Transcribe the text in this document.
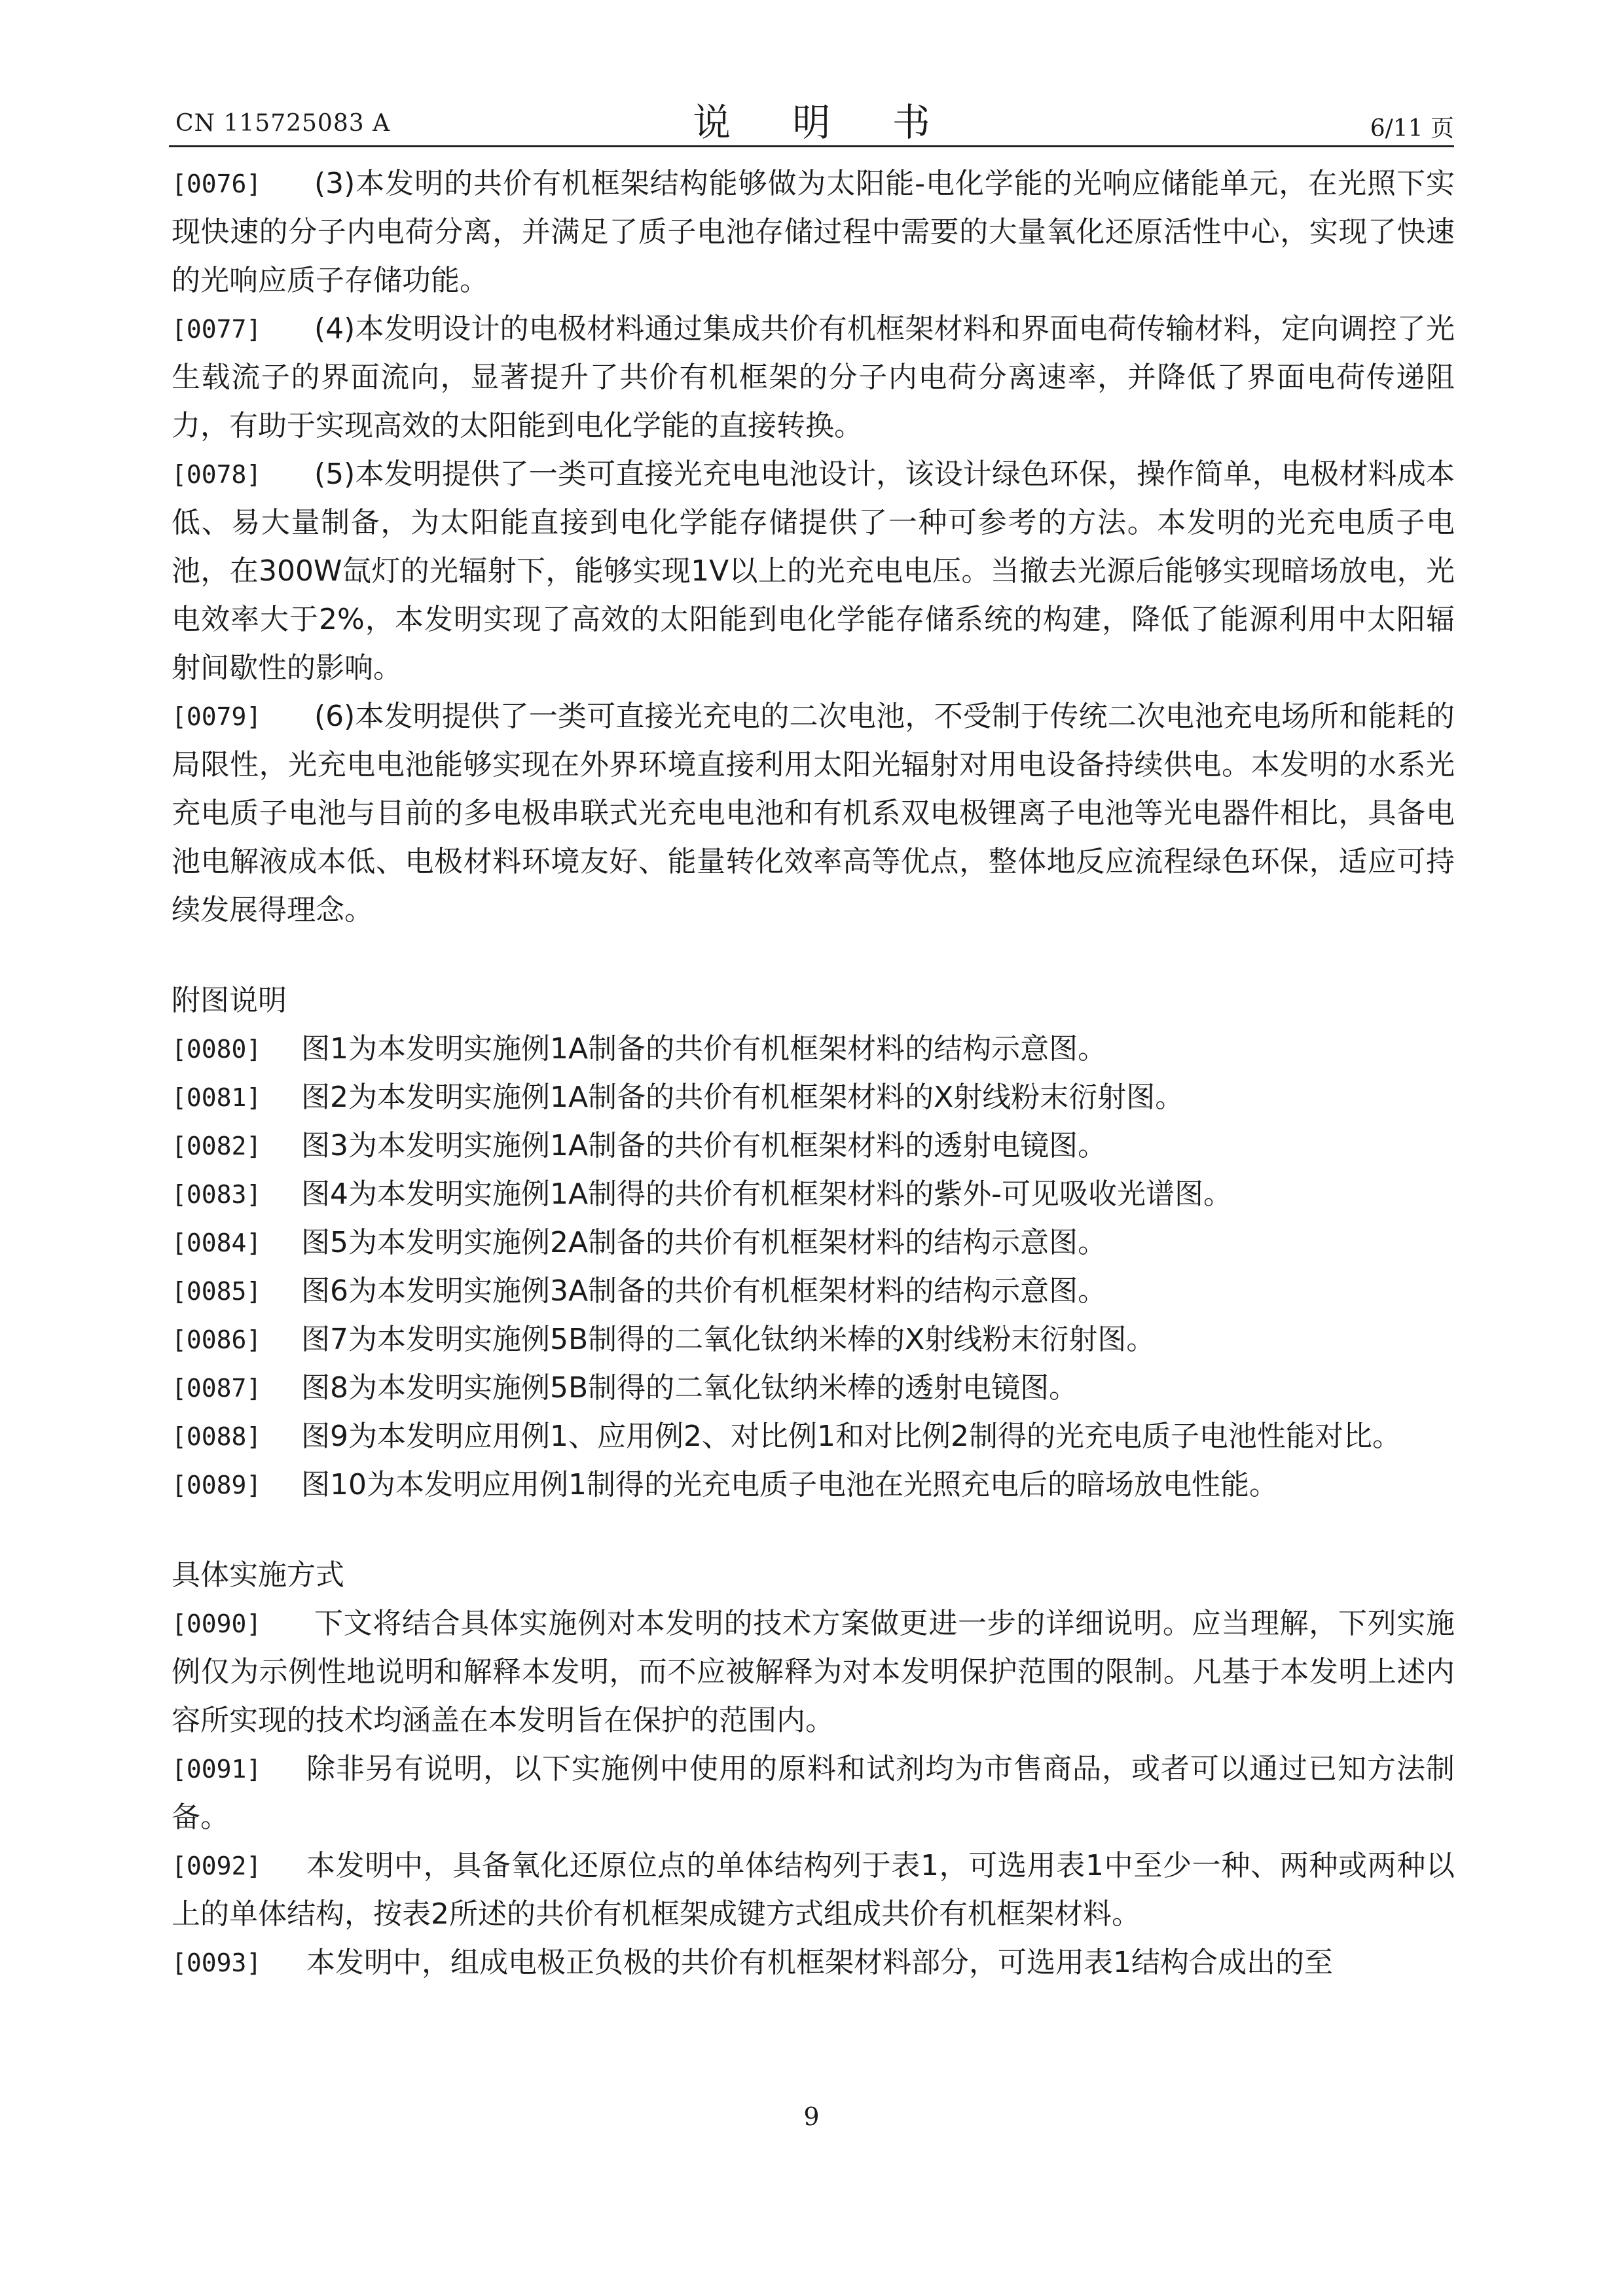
CN 115725083 A	说 明 书	6/11 页

[0076] (3)本发明的共价有机框架结构能够做为太阳能-电化学能的光响应储能单元，在光照下实现快速的分子内电荷分离，并满足了质子电池存储过程中需要的大量氧化还原活性中心，实现了快速的光响应质子存储功能。

[0077] (4)本发明设计的电极材料通过集成共价有机框架材料和界面电荷传输材料，定向调控了光生载流子的界面流向，显著提升了共价有机框架的分子内电荷分离速率，并降低了界面电荷传递阻力，有助于实现高效的太阳能到电化学能的直接转换。

[0078] (5)本发明提供了一类可直接光充电电池设计，该设计绿色环保，操作简单，电极材料成本低、易大量制备，为太阳能直接到电化学能存储提供了一种可参考的方法。本发明的光充电质子电池，在300W氙灯的光辐射下，能够实现1V以上的光充电电压。当撤去光源后能够实现暗场放电，光电效率大于2%，本发明实现了高效的太阳能到电化学能存储系统的构建，降低了能源利用中太阳辐射间歇性的影响。

[0079] (6)本发明提供了一类可直接光充电的二次电池，不受制于传统二次电池充电场所和能耗的局限性，光充电电池能够实现在外界环境直接利用太阳光辐射对用电设备持续供电。本发明的水系光充电质子电池与目前的多电极串联式光充电电池和有机系双电极锂离子电池等光电器件相比，具备电池电解液成本低、电极材料环境友好、能量转化效率高等优点，整体地反应流程绿色环保，适应可持续发展得理念。

附图说明

[0080] 图1为本发明实施例1A制备的共价有机框架材料的结构示意图。

[0081] 图2为本发明实施例1A制备的共价有机框架材料的X射线粉末衍射图。

[0082] 图3为本发明实施例1A制备的共价有机框架材料的透射电镜图。

[0083] 图4为本发明实施例1A制得的共价有机框架材料的紫外-可见吸收光谱图。

[0084] 图5为本发明实施例2A制备的共价有机框架材料的结构示意图。

[0085] 图6为本发明实施例3A制备的共价有机框架材料的结构示意图。

[0086] 图7为本发明实施例5B制得的二氧化钛纳米棒的X射线粉末衍射图。

[0087] 图8为本发明实施例5B制得的二氧化钛纳米棒的透射电镜图。

[0088] 图9为本发明应用例1、应用例2、对比例1和对比例2制得的光充电质子电池性能对比。

[0089] 图10为本发明应用例1制得的光充电质子电池在光照充电后的暗场放电性能。

具体实施方式

[0090] 下文将结合具体实施例对本发明的技术方案做更进一步的详细说明。应当理解，下列实施例仅为示例性地说明和解释本发明，而不应被解释为对本发明保护范围的限制。凡基于本发明上述内容所实现的技术均涵盖在本发明旨在保护的范围内。

[0091] 除非另有说明，以下实施例中使用的原料和试剂均为市售商品，或者可以通过已知方法制备。

[0092] 本发明中，具备氧化还原位点的单体结构列于表1，可选用表1中至少一种、两种或两种以上的单体结构，按表2所述的共价有机框架成键方式组成共价有机框架材料。

[0093] 本发明中，组成电极正负极的共价有机框架材料部分，可选用表1结构合成出的至

9
